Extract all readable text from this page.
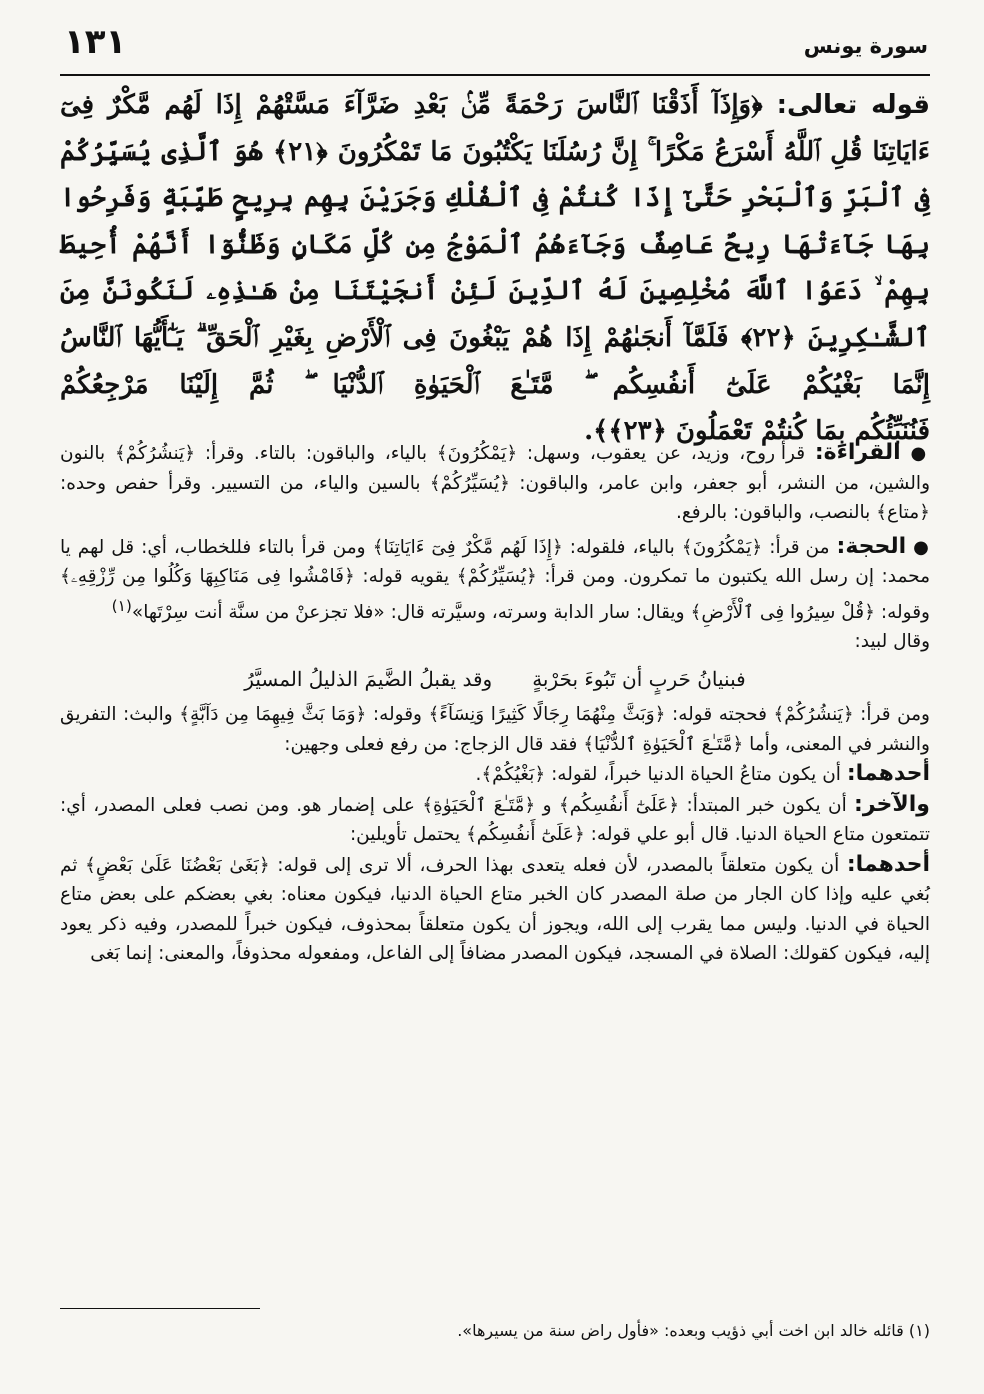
سورة يونس
١٣١
قوله تعالى: ﴿وَإِذَآ أَذَقْنَا ٱلنَّاسَ رَحْمَةً مِّنۢ بَعْدِ ضَرَّآءَ مَسَّتْهُمْ إِذَا لَهُم مَّكْرٌ فِىٓ ءَايَاتِنَا قُلِ ٱللَّهُ أَسْرَعُ مَكْرًا ۚ إِنَّ رُسُلَنَا يَكْتُبُونَ مَا تَمْكُرُونَ ﴿٢١﴾ هُوَ ٱلَّذِى يُسَيِّرُكُمْ فِى ٱلْبَرِّ وَٱلْبَحْرِ حَتَّىٰٓ إِذَا كُنتُمْ فِى ٱلْفُلْكِ وَجَرَيْنَ بِهِم بِرِيحٍ طَيِّبَةٍ وَفَرِحُوا بِهَا جَآءَتْهَا رِيحٌ عَاصِفٌ وَجَآءَهُمُ ٱلْمَوْجُ مِن كُلِّ مَكَانٍ وَظَنُّوٓا أَنَّهُمْ أُحِيطَ بِهِمْ ۙ دَعَوُا ٱللَّهَ مُخْلِصِينَ لَهُ ٱلدِّينَ لَئِنْ أَنجَيْتَنَا مِنْ هَـٰذِهِۦ لَنَكُونَنَّ مِنَ ٱلشَّـٰكِرِينَ ﴿٢٢﴾ فَلَمَّآ أَنجَىٰهُمْ إِذَا هُمْ يَبْغُونَ فِى ٱلْأَرْضِ بِغَيْرِ ٱلْحَقِّ ۗ يَـٰٓأَيُّهَا ٱلنَّاسُ إِنَّمَا بَغْيُكُمْ عَلَىٰٓ أَنفُسِكُم ۖ مَّتَـٰعَ ٱلْحَيَوٰةِ ٱلدُّنْيَا ۖ ثُمَّ إِلَيْنَا مَرْجِعُكُمْ
فَنُنَبِّئُكُم بِمَا كُنتُمْ تَعْمَلُونَ ﴿٢٣﴾﴾.

● القراءة: قرأ روح، وزيد، عن يعقوب، وسهل: ﴿يَمْكُرُونَ﴾ بالياء، والباقون: بالتاء. وقرأ: ﴿يَنشُرُكُمْ﴾ بالنون والشين، من النشر، أبو جعفر، وابن عامر، والباقون: ﴿يُسَيِّرُكُمْ﴾ بالسين والياء، من التسيير. وقرأ حفص وحده: ﴿متاع﴾ بالنصب، والباقون: بالرفع.

● الحجة: من قرأ: ﴿يَمْكُرُونَ﴾ بالياء، فلقوله: ﴿إِذَا لَهُم مَّكْرٌ فِىٓ ءَايَاتِنَا﴾ ومن قرأ بالتاء فللخطاب، أي: قل لهم يا محمد: إن رسل الله يكتبون ما تمكرون. ومن قرأ: ﴿يُسَيِّرُكُمْ﴾ يقويه قوله: ﴿فَامْشُوا فِى مَنَاكِبِهَا وَكُلُوا مِن رِّزْقِهِۦ﴾ وقوله: ﴿قُلْ سِيرُوا فِى ٱلْأَرْضِ﴾ ويقال: سار الدابة وسرته، وسيَّرته قال: «فلا تجزعنْ من سنَّة أنت سِرْتَها»$^{(١)}$

وقال لبيد:

فبنيانُ حَربٍ أن تَبُوءَ بحَرْبةٍ
وقد يقبلُ الضَّيمَ الذليلُ المسيَّرُ

ومن قرأ: ﴿يَنشُرُكُمْ﴾ فحجته قوله: ﴿وَبَثَّ مِنْهُمَا رِجَالًا كَثِيرًا وَنِسَآءً﴾ وقوله: ﴿وَمَا بَثَّ فِيهِمَا مِن دَآبَّةٍ﴾ والبث: التفريق والنشر في المعنى، وأما ﴿مَّتَـٰعَ ٱلْحَيَوٰةِ ٱلدُّنْيَا﴾ فقد قال الزجاج: من رفع فعلى وجهين:

أحدهما: أن يكون متاعُ الحياة الدنيا خبراً، لقوله: ﴿بَغْيُكُمْ﴾.

والآخر: أن يكون خبر المبتدأ: ﴿عَلَىٰٓ أَنفُسِكُم﴾ و ﴿مَّتَـٰعَ ٱلْحَيَوٰةِ﴾ على إضمار هو. ومن نصب فعلى المصدر، أي: تتمتعون متاع الحياة الدنيا. قال أبو علي قوله: ﴿عَلَىٰٓ أَنفُسِكُم﴾ يحتمل تأويلين:

أحدهما: أن يكون متعلقاً بالمصدر، لأن فعله يتعدى بهذا الحرف، ألا ترى إلى قوله: ﴿بَغَىٰ بَعْضُنَا عَلَىٰ بَعْضٍ﴾ ثم بُغي عليه وإذا كان الجار من صلة المصدر كان الخبر متاع الحياة الدنيا، فيكون معناه: بغي بعضكم على بعض متاع الحياة في الدنيا. وليس مما يقرب إلى الله، ويجوز أن يكون متعلقاً بمحذوف، فيكون خبراً للمصدر، وفيه ذكر يعود إليه، فيكون كقولك: الصلاة في المسجد، فيكون المصدر مضافاً إلى الفاعل، ومفعوله محذوفاً، والمعنى: إنما بَغى

(١) قائله خالد ابن اخت أبي ذؤيب وبعده: «فأول راض سنة من يسيرها».
